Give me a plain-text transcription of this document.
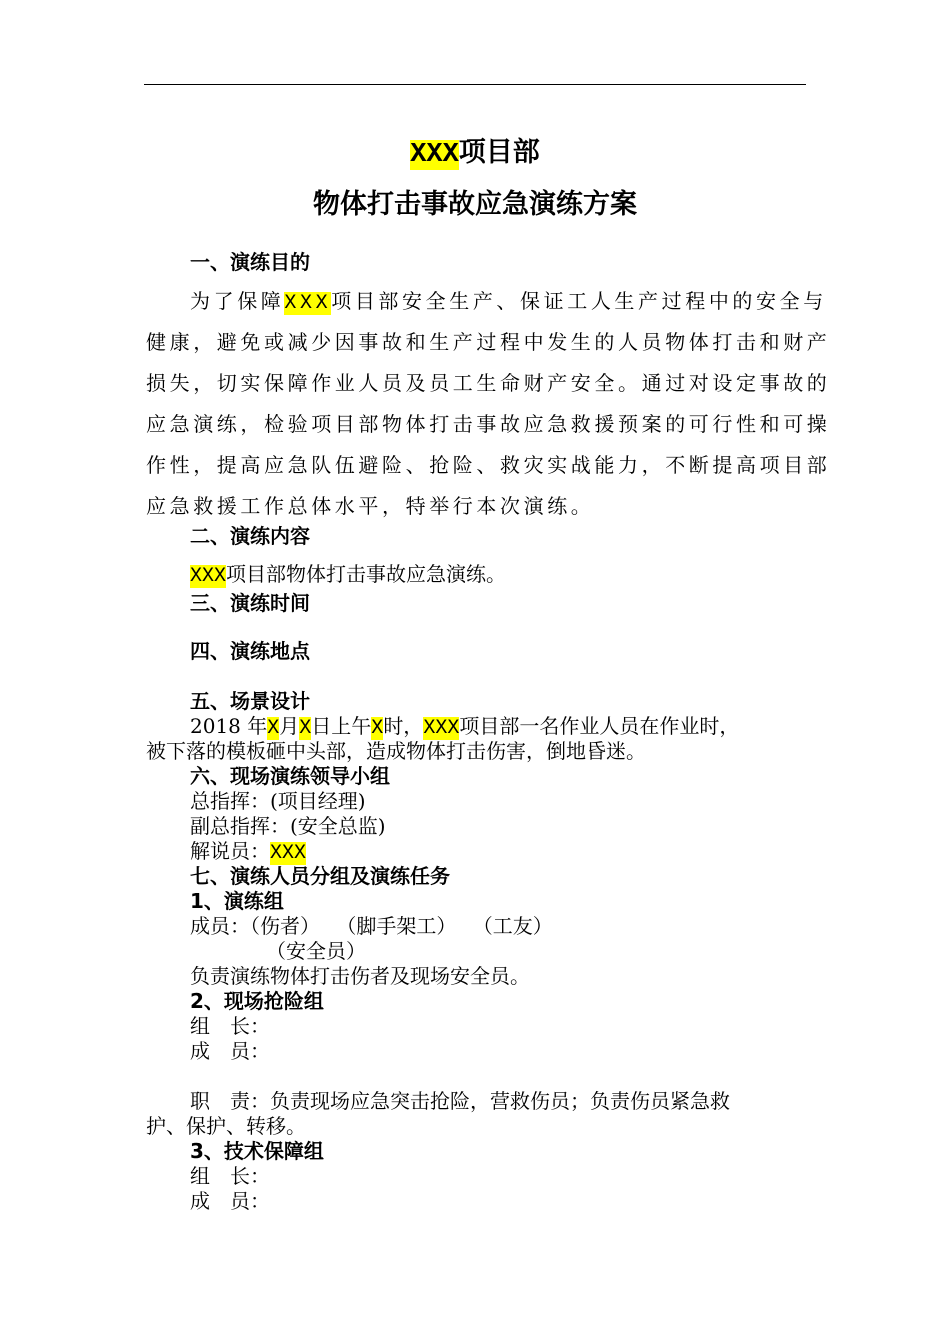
XXX项目部
物体打击事故应急演练方案
一、演练目的
为了保障XXX项目部安全生产、保证工人生产过程中的安全与
健康，避免或减少因事故和生产过程中发生的人员物体打击和财产
损失，切实保障作业人员及员工生命财产安全。通过对设定事故的
应急演练，检验项目部物体打击事故应急救援预案的可行性和可操
作性，提高应急队伍避险、抢险、救灾实战能力，不断提高项目部
应急救援工作总体水平，特举行本次演练。
二、演练内容
XXX项目部物体打击事故应急演练。
三、演练时间
四、演练地点
五、场景设计
2018 年X月X日上午X时，XXX项目部一名作业人员在作业时，
被下落的模板砸中头部，造成物体打击伤害，倒地昏迷。
六、现场演练领导小组
总指挥：(项目经理)
副总指挥：(安全总监)
解说员：XXX
七、演练人员分组及演练任务
1、演练组
成员：（伤者）　 （脚手架工）　 （工友）
（安全员）
负责演练物体打击伤者及现场安全员。
2、现场抢险组
组　长：
成　员：
职　责：负责现场应急突击抢险，营救伤员；负责伤员紧急救
护、保护、转移。
3、技术保障组
组　长：
成　员：
